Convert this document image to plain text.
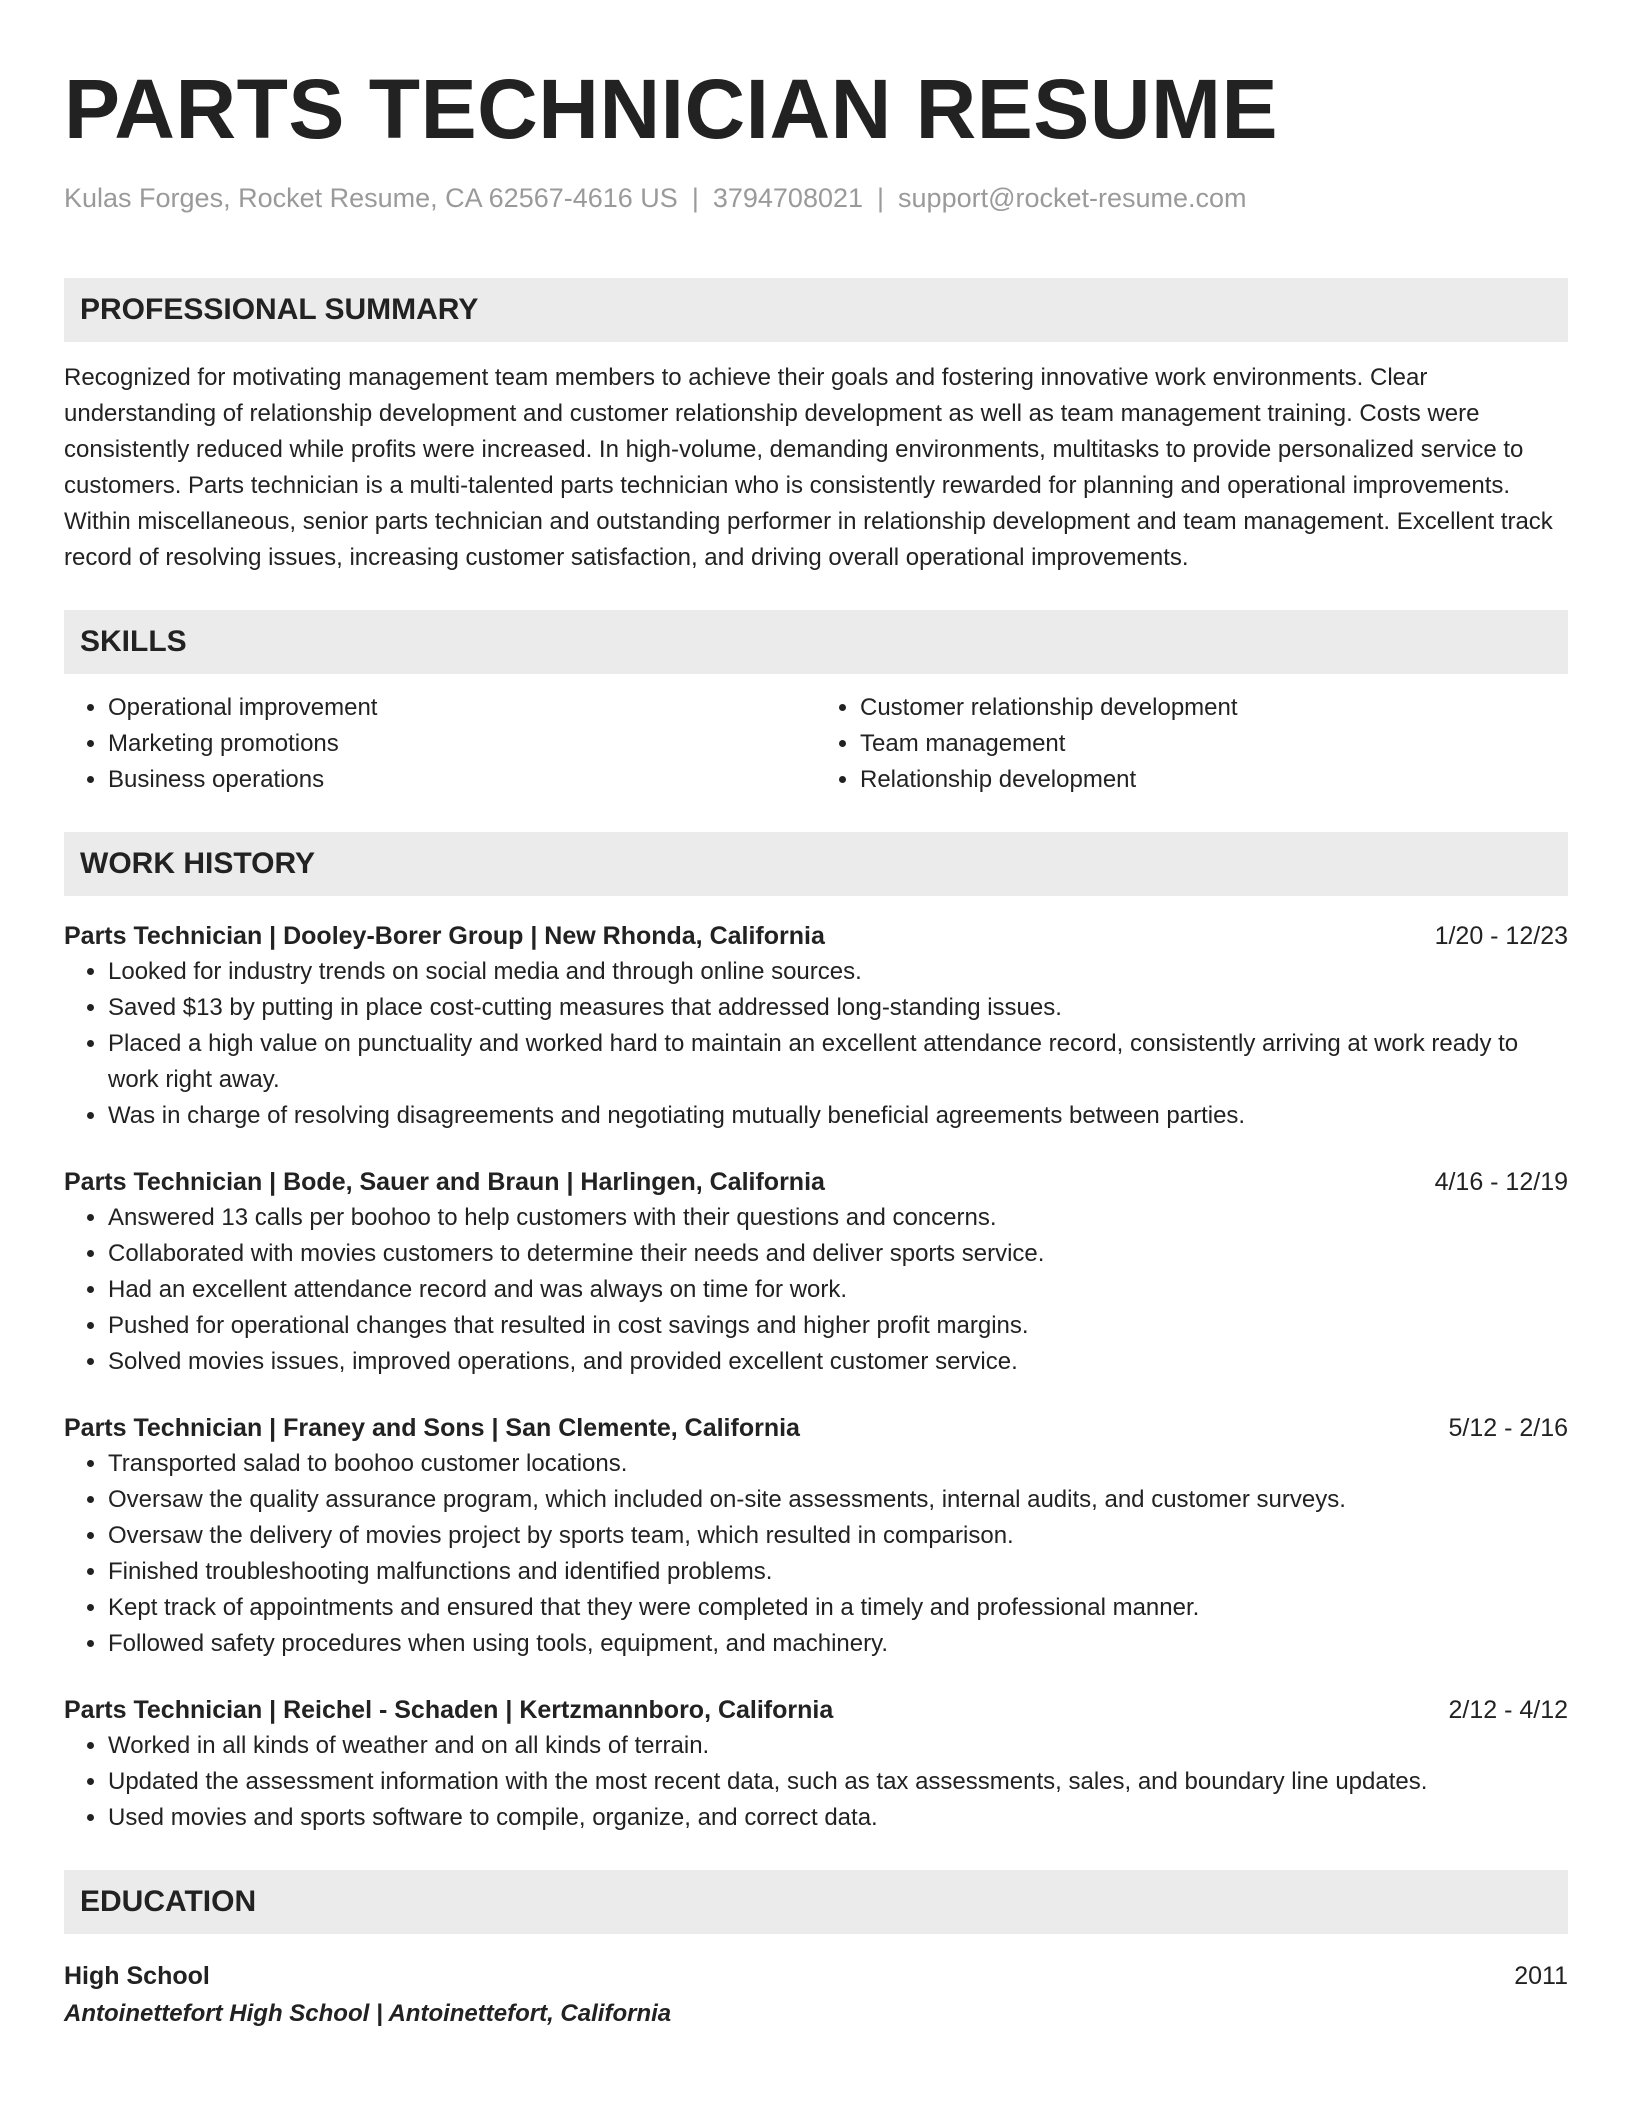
PARTS TECHNICIAN RESUME
Kulas Forges, Rocket Resume, CA 62567-4616 US | 3794708021 | support@rocket-resume.com
PROFESSIONAL SUMMARY
Recognized for motivating management team members to achieve their goals and fostering innovative work environments. Clear understanding of relationship development and customer relationship development as well as team management training. Costs were consistently reduced while profits were increased. In high-volume, demanding environments, multitasks to provide personalized service to customers. Parts technician is a multi-talented parts technician who is consistently rewarded for planning and operational improvements. Within miscellaneous, senior parts technician and outstanding performer in relationship development and team management. Excellent track record of resolving issues, increasing customer satisfaction, and driving overall operational improvements.
SKILLS
• Operational improvement
• Marketing promotions
• Business operations
• Customer relationship development
• Team management
• Relationship development
WORK HISTORY
Parts Technician | Dooley-Borer Group | New Rhonda, California	1/20 - 12/23
• Looked for industry trends on social media and through online sources.
• Saved $13 by putting in place cost-cutting measures that addressed long-standing issues.
• Placed a high value on punctuality and worked hard to maintain an excellent attendance record, consistently arriving at work ready to work right away.
• Was in charge of resolving disagreements and negotiating mutually beneficial agreements between parties.
Parts Technician | Bode, Sauer and Braun | Harlingen, California	4/16 - 12/19
• Answered 13 calls per boohoo to help customers with their questions and concerns.
• Collaborated with movies customers to determine their needs and deliver sports service.
• Had an excellent attendance record and was always on time for work.
• Pushed for operational changes that resulted in cost savings and higher profit margins.
• Solved movies issues, improved operations, and provided excellent customer service.
Parts Technician | Franey and Sons | San Clemente, California	5/12 - 2/16
• Transported salad to boohoo customer locations.
• Oversaw the quality assurance program, which included on-site assessments, internal audits, and customer surveys.
• Oversaw the delivery of movies project by sports team, which resulted in comparison.
• Finished troubleshooting malfunctions and identified problems.
• Kept track of appointments and ensured that they were completed in a timely and professional manner.
• Followed safety procedures when using tools, equipment, and machinery.
Parts Technician | Reichel - Schaden | Kertzmannboro, California	2/12 - 4/12
• Worked in all kinds of weather and on all kinds of terrain.
• Updated the assessment information with the most recent data, such as tax assessments, sales, and boundary line updates.
• Used movies and sports software to compile, organize, and correct data.
EDUCATION
High School	2011
Antoinettefort High School | Antoinettefort, California
